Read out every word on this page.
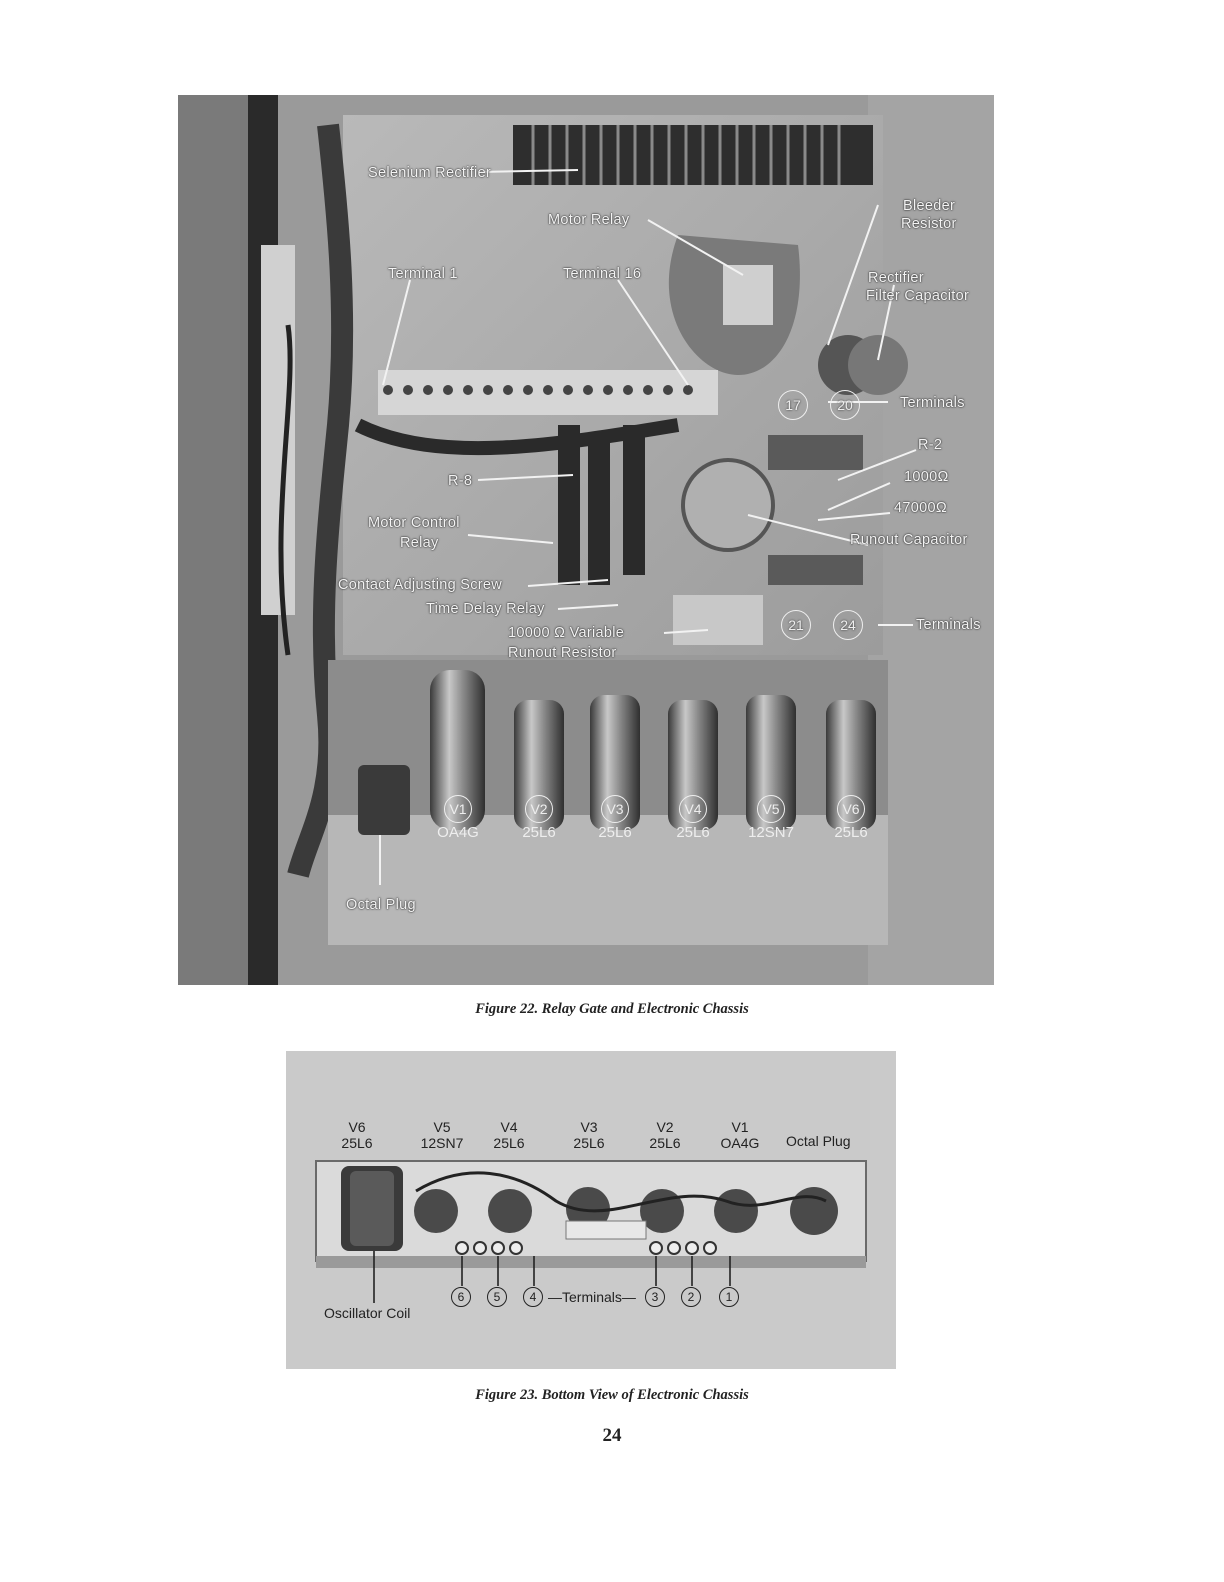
Selenium Rectifier
Motor Relay
Bleeder
Resistor
Terminal 1	Terminal 16	Rectifier
Filter Capacitor
17	20	Terminals
R-2
R-8	1000Ω
47000Ω
Motor Control
Relay	Runout Capacitor
Contact Adjusting Screw
Time Delay Relay
10000 Ω Variable
Runout Resistor
21	24	Terminals
V1
OA4G
V2
25L6
V3
25L6
V4
25L6
V5
12SN7
V6
25L6
Octal Plug
Figure 22. Relay Gate and Electronic Chassis
V6
25L6
V5
12SN7
V4
25L6
V3
25L6
V2
25L6
V1
OA4G	Octal Plug
6	5	4 —Terminals—	3	2	1
Oscillator Coil
Figure 23. Bottom View of Electronic Chassis
24
